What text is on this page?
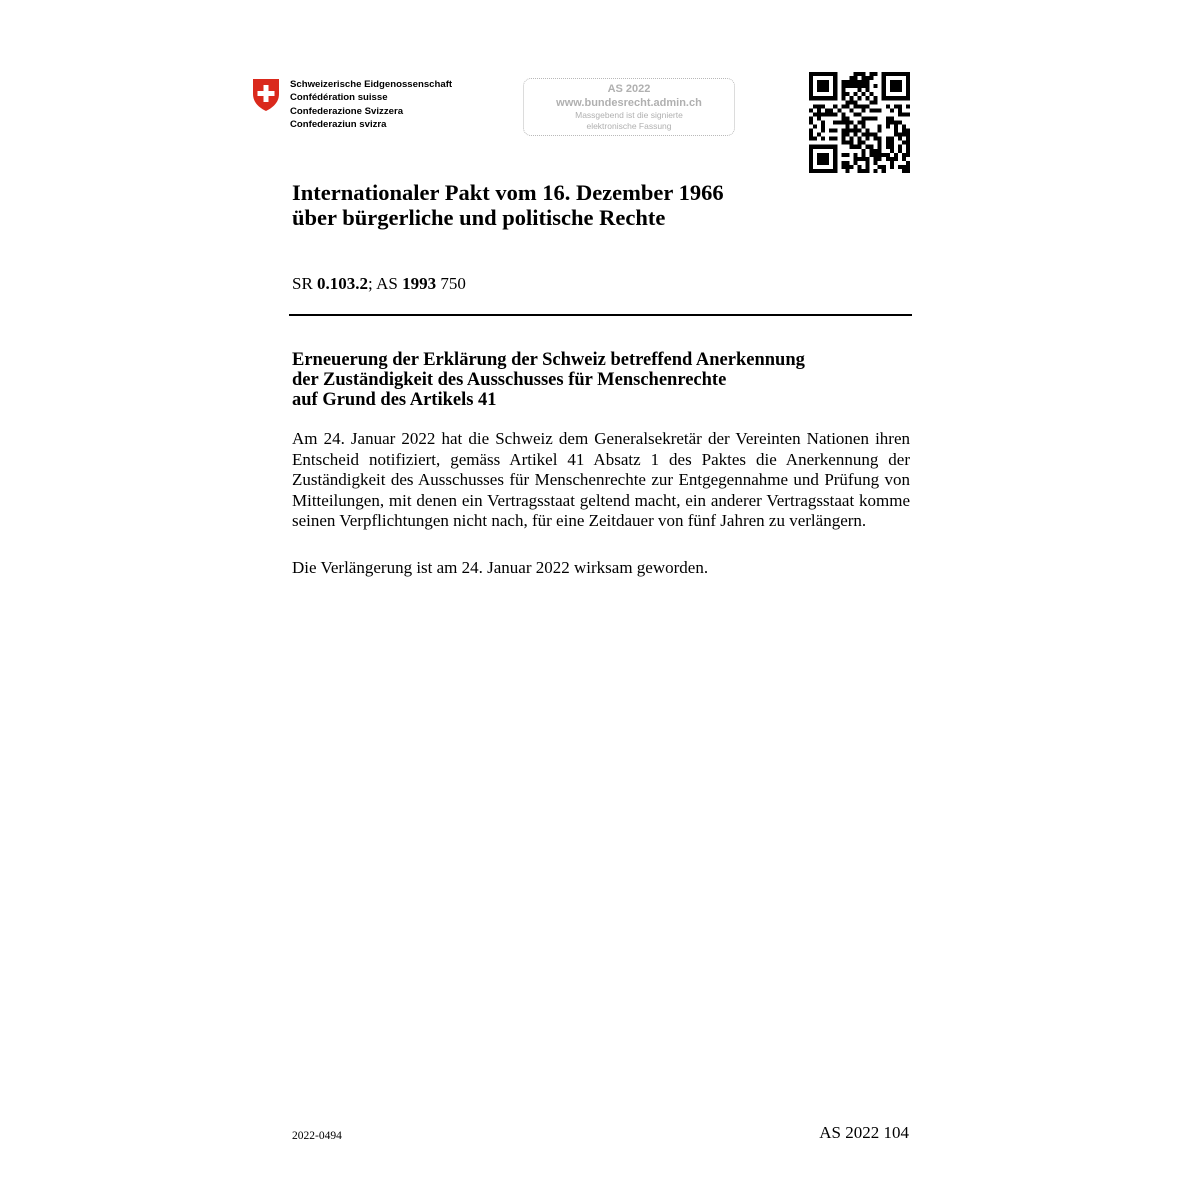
Schweizerische Eidgenossenschaft
Confédération suisse
Confederazione Svizzera
Confederaziun svizra
AS 2022
www.bundesrecht.admin.ch
Massgebend ist die signierte
elektronische Fassung
Internationaler Pakt vom 16. Dezember 1966
über bürgerliche und politische Rechte
SR 0.103.2; AS 1993 750
Erneuerung der Erklärung der Schweiz betreffend Anerkennung
der Zuständigkeit des Ausschusses für Menschenrechte
auf Grund des Artikels 41

Am 24. Januar 2022 hat die Schweiz dem Generalsekretär der Vereinten Nationen ihren Entscheid notifiziert, gemäss Artikel 41 Absatz 1 des Paktes die Anerkennung der Zuständigkeit des Ausschusses für Menschenrechte zur Entgegennahme und Prüfung von Mitteilungen, mit denen ein Vertragsstaat geltend macht, ein anderer Vertragsstaat komme seinen Verpflichtungen nicht nach, für eine Zeitdauer von fünf Jahren zu verlängern.

Die Verlängerung ist am 24. Januar 2022 wirksam geworden.

2022-0494	AS 2022 104
